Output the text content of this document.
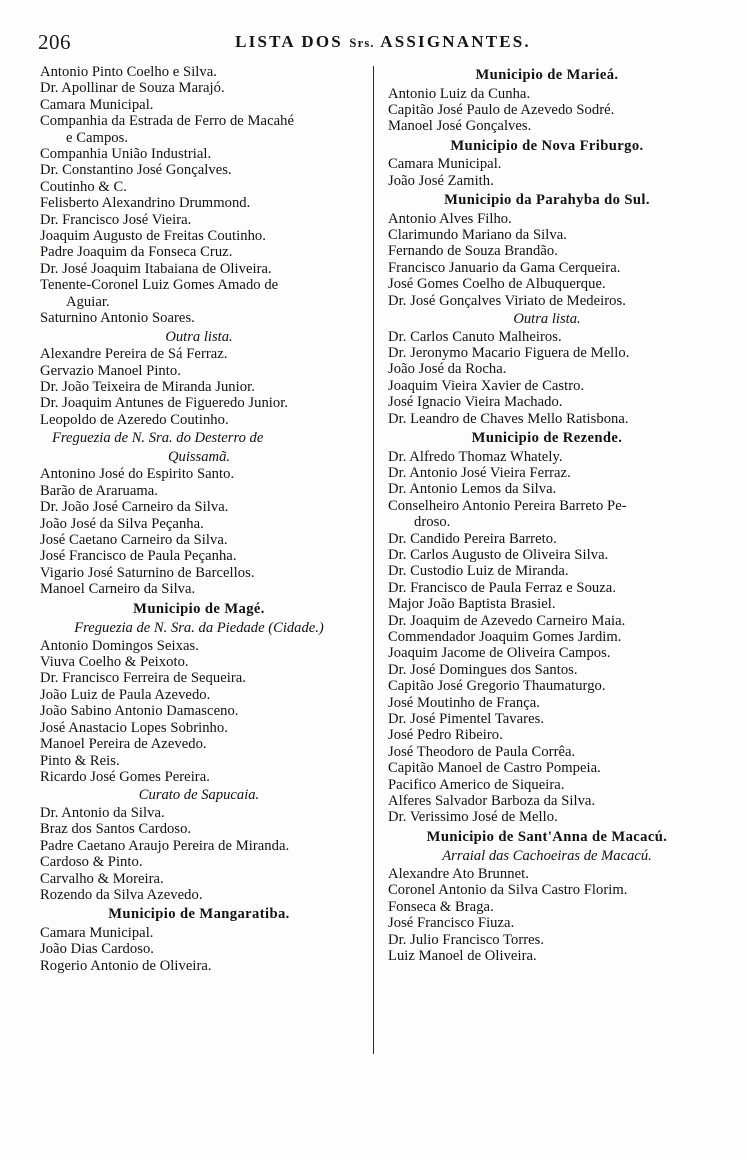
206	LISTA DOS Srs. ASSIGNANTES.
Antonio Pinto Coelho e Silva.
Dr. Apollinar de Souza Marajó.
Camara Municipal.
Companhia da Estrada de Ferro de Macahé
e Campos.
Companhia União Industrial.
Dr. Constantino José Gonçalves.
Coutinho & C.
Felisberto Alexandrino Drummond.
Dr. Francisco José Vieira.
Joaquim Augusto de Freitas Coutinho.
Padre Joaquim da Fonseca Cruz.
Dr. José Joaquim Itabaiana de Oliveira.
Tenente-Coronel Luiz Gomes Amado de
Aguiar.
Saturnino Antonio Soares.
Outra lista.
Alexandre Pereira de Sá Ferraz.
Gervazio Manoel Pinto.
Dr. João Teixeira de Miranda Junior.
Dr. Joaquim Antunes de Figueredo Junior.
Leopoldo de Azeredo Coutinho.
Freguezia de N. Sra. do Desterro de
Quissamã.
Antonino José do Espirito Santo.
Barão de Araruama.
Dr. João José Carneiro da Silva.
João José da Silva Peçanha.
José Caetano Carneiro da Silva.
José Francisco de Paula Peçanha.
Vigario José Saturnino de Barcellos.
Manoel Carneiro da Silva.
Municipio de Magé.
Freguezia de N. Sra. da Piedade (Cidade.)
Antonio Domingos Seixas.
Viuva Coelho & Peixoto.
Dr. Francisco Ferreira de Sequeira.
João Luiz de Paula Azevedo.
João Sabino Antonio Damasceno.
José Anastacio Lopes Sobrinho.
Manoel Pereira de Azevedo.
Pinto & Reis.
Ricardo José Gomes Pereira.
Curato de Sapucaia.
Dr. Antonio da Silva.
Braz dos Santos Cardoso.
Padre Caetano Araujo Pereira de Miranda.
Cardoso & Pinto.
Carvalho & Moreira.
Rozendo da Silva Azevedo.
Municipio de Mangaratiba.
Camara Municipal.
João Dias Cardoso.
Rogerio Antonio de Oliveira.
Municipio de Marieá.
Antonio Luiz da Cunha.
Capitão José Paulo de Azevedo Sodré.
Manoel José Gonçalves.
Municipio de Nova Friburgo.
Camara Municipal.
João José Zamith.
Municipio da Parahyba do Sul.
Antonio Alves Filho.
Clarimundo Mariano da Silva.
Fernando de Souza Brandão.
Francisco Januario da Gama Cerqueira.
José Gomes Coelho de Albuquerque.
Dr. José Gonçalves Viriato de Medeiros.
Outra lista.
Dr. Carlos Canuto Malheiros.
Dr. Jeronymo Macario Figuera de Mello.
João José da Rocha.
Joaquim Vieira Xavier de Castro.
José Ignacio Vieira Machado.
Dr. Leandro de Chaves Mello Ratisbona.
Municipio de Rezende.
Dr. Alfredo Thomaz Whately.
Dr. Antonio José Vieira Ferraz.
Dr. Antonio Lemos da Silva.
Conselheiro Antonio Pereira Barreto Pe-
droso.
Dr. Candido Pereira Barreto.
Dr. Carlos Augusto de Oliveira Silva.
Dr. Custodio Luiz de Miranda.
Dr. Francisco de Paula Ferraz e Souza.
Major João Baptista Brasiel.
Dr. Joaquim de Azevedo Carneiro Maia.
Commendador Joaquim Gomes Jardim.
Joaquim Jacome de Oliveira Campos.
Dr. José Domingues dos Santos.
Capitão José Gregorio Thaumaturgo.
José Moutinho de França.
Dr. José Pimentel Tavares.
José Pedro Ribeiro.
José Theodoro de Paula Corrêa.
Capitão Manoel de Castro Pompeia.
Pacifico Americo de Siqueira.
Alferes Salvador Barboza da Silva.
Dr. Verissimo José de Mello.
Municipio de Sant'Anna de Macacú.
Arraial das Cachoeiras de Macacú.
Alexandre Ato Brunnet.
Coronel Antonio da Silva Castro Florim.
Fonseca & Braga.
José Francisco Fiuza.
Dr. Julio Francisco Torres.
Luiz Manoel de Oliveira.
